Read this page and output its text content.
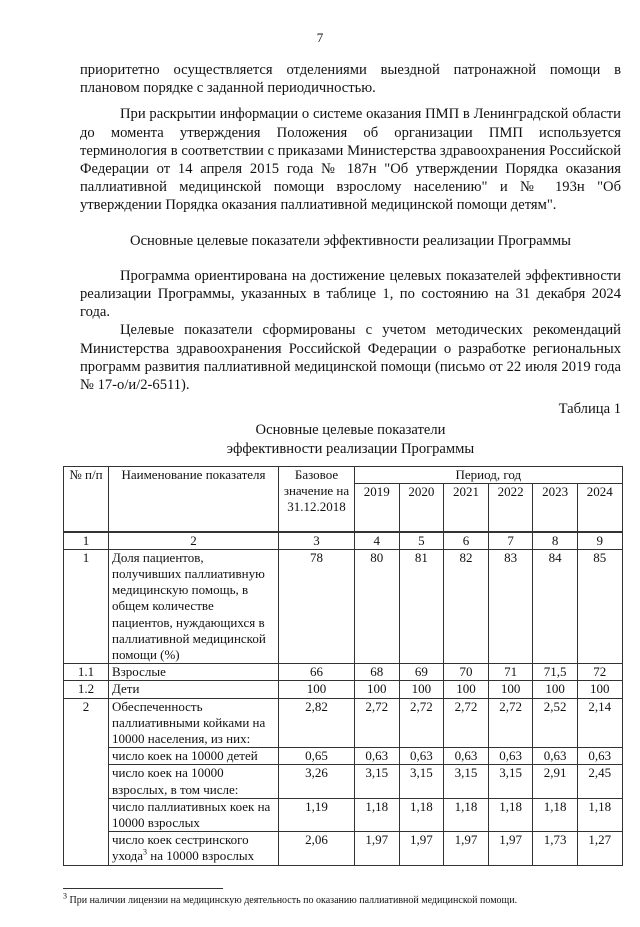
7

приоритетно осуществляется отделениями выездной патронажной помощи в плановом порядке с заданной периодичностью.

При раскрытии информации о системе оказания ПМП в Ленинградской области до момента утверждения Положения об организации ПМП используется терминология в соответствии с приказами Министерства здравоохранения Российской Федерации от 14 апреля 2015 года № 187н "Об утверждении Порядка оказания паллиативной медицинской помощи взрослому населению" и № 193н "Об утверждении Порядка оказания паллиативной медицинской помощи детям".

Основные целевые показатели эффективности реализации Программы

Программа ориентирована на достижение целевых показателей эффективности реализации Программы, указанных в таблице 1, по состоянию на 31 декабря 2024 года.

Целевые показатели сформированы с учетом методических рекомендаций Министерства здравоохранения Российской Федерации о разработке региональных программ развития паллиативной медицинской помощи (письмо от 22 июля 2019 года № 17-о/и/2-6511).

Таблица 1

Основные целевые показатели
эффективности реализации Программы

№ п/п	Наименование показателя	Базовое значение на 31.12.2018	Период, год					
			2019	2020	2021	2022	2023	2024
1	2	3	4	5	6	7	8	9
1	Доля пациентов, получивших паллиативную медицинскую помощь, в общем количестве пациентов, нуждающихся в паллиативной медицинской помощи (%)	78	80	81	82	83	84	85
1.1	Взрослые	66	68	69	70	71	71,5	72
1.2	Дети	100	100	100	100	100	100	100
2	Обеспеченность паллиативными койками на 10000 населения, из них:	2,82	2,72	2,72	2,72	2,72	2,52	2,14
	число коек на 10000 детей	0,65	0,63	0,63	0,63	0,63	0,63	0,63
	число коек на 10000 взрослых, в том числе:	3,26	3,15	3,15	3,15	3,15	2,91	2,45
	число паллиативных коек на 10000 взрослых	1,19	1,18	1,18	1,18	1,18	1,18	1,18
	число коек сестринского ухода$^3$ на 10000 взрослых	2,06	1,97	1,97	1,97	1,97	1,73	1,27
$^3$ При наличии лицензии на медицинскую деятельность по оказанию паллиативной медицинской помощи.
